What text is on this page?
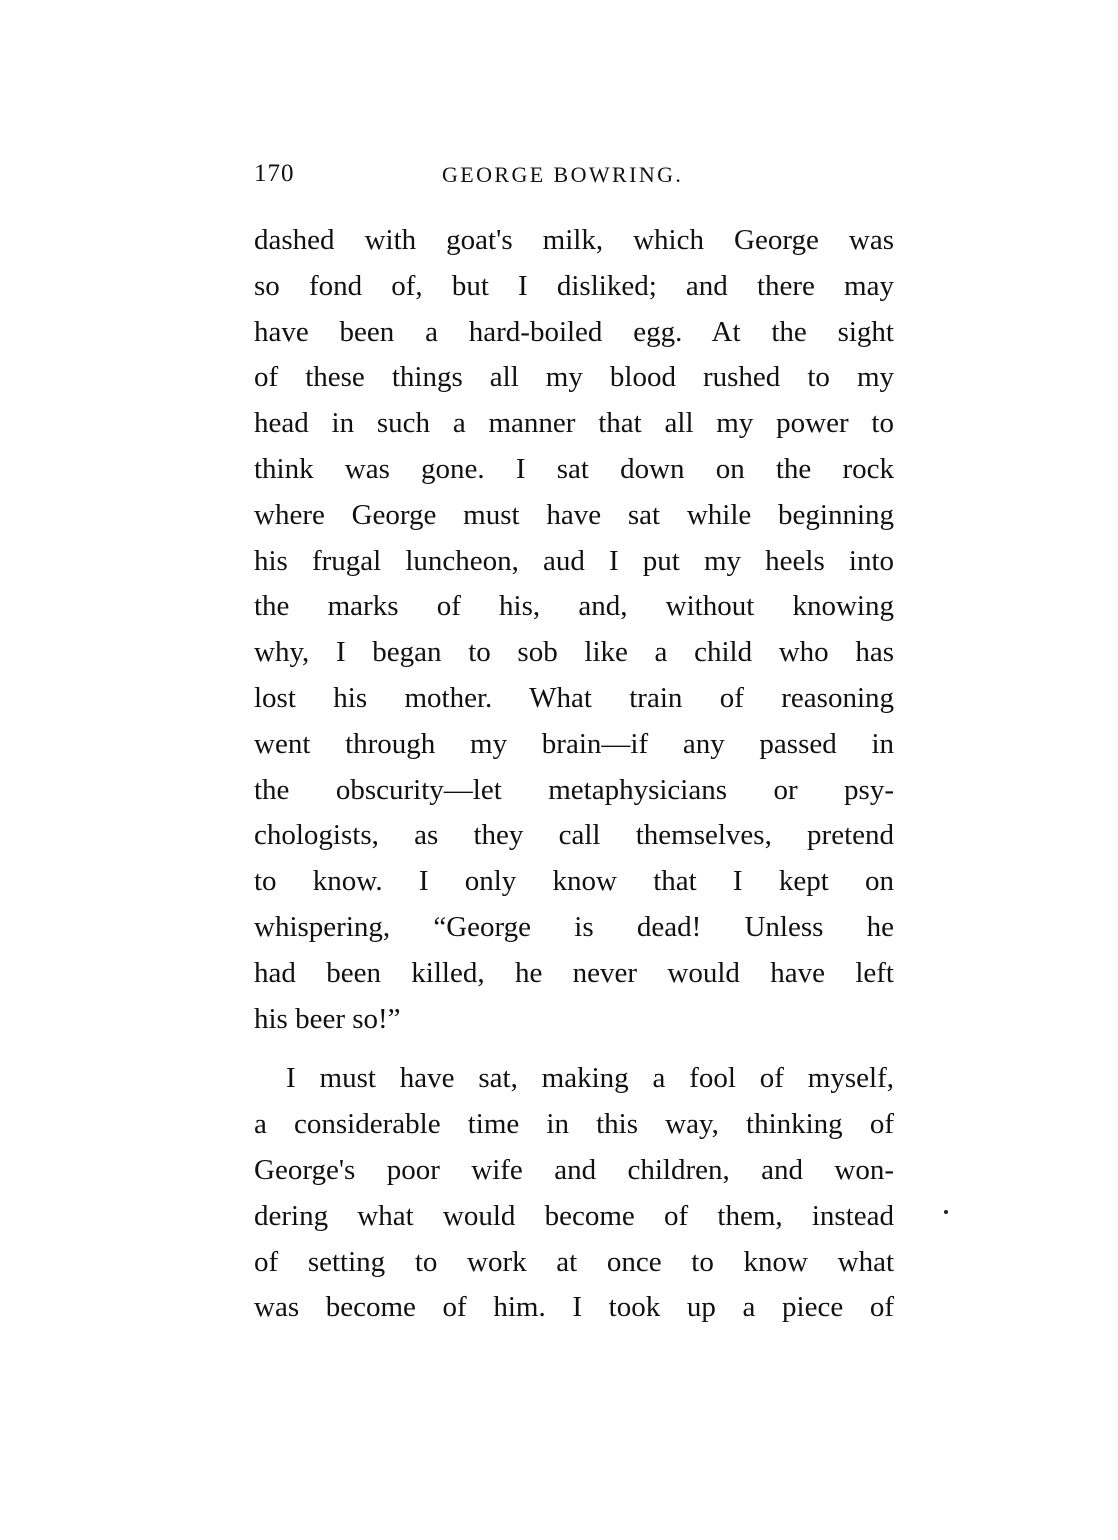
170	GEORGE BOWRING.
dashed with goat's milk, which George was
so fond of, but I disliked; and there may
have been a hard-boiled egg. At the sight
of these things all my blood rushed to my
head in such a manner that all my power to
think was gone. I sat down on the rock
where George must have sat while beginning
his frugal luncheon, aud I put my heels into
the marks of his, and, without knowing
why, I began to sob like a child who has
lost his mother. What train of reasoning
went through my brain—if any passed in
the obscurity—let metaphysicians or psy-
chologists, as they call themselves, pretend
to know. I only know that I kept on
whispering, “George is dead! Unless he
had been killed, he never would have left
his beer so!”
I must have sat, making a fool of myself,
a considerable time in this way, thinking of
George's poor wife and children, and won-
dering what would become of them, instead
of setting to work at once to know what
was become of him. I took up a piece of
